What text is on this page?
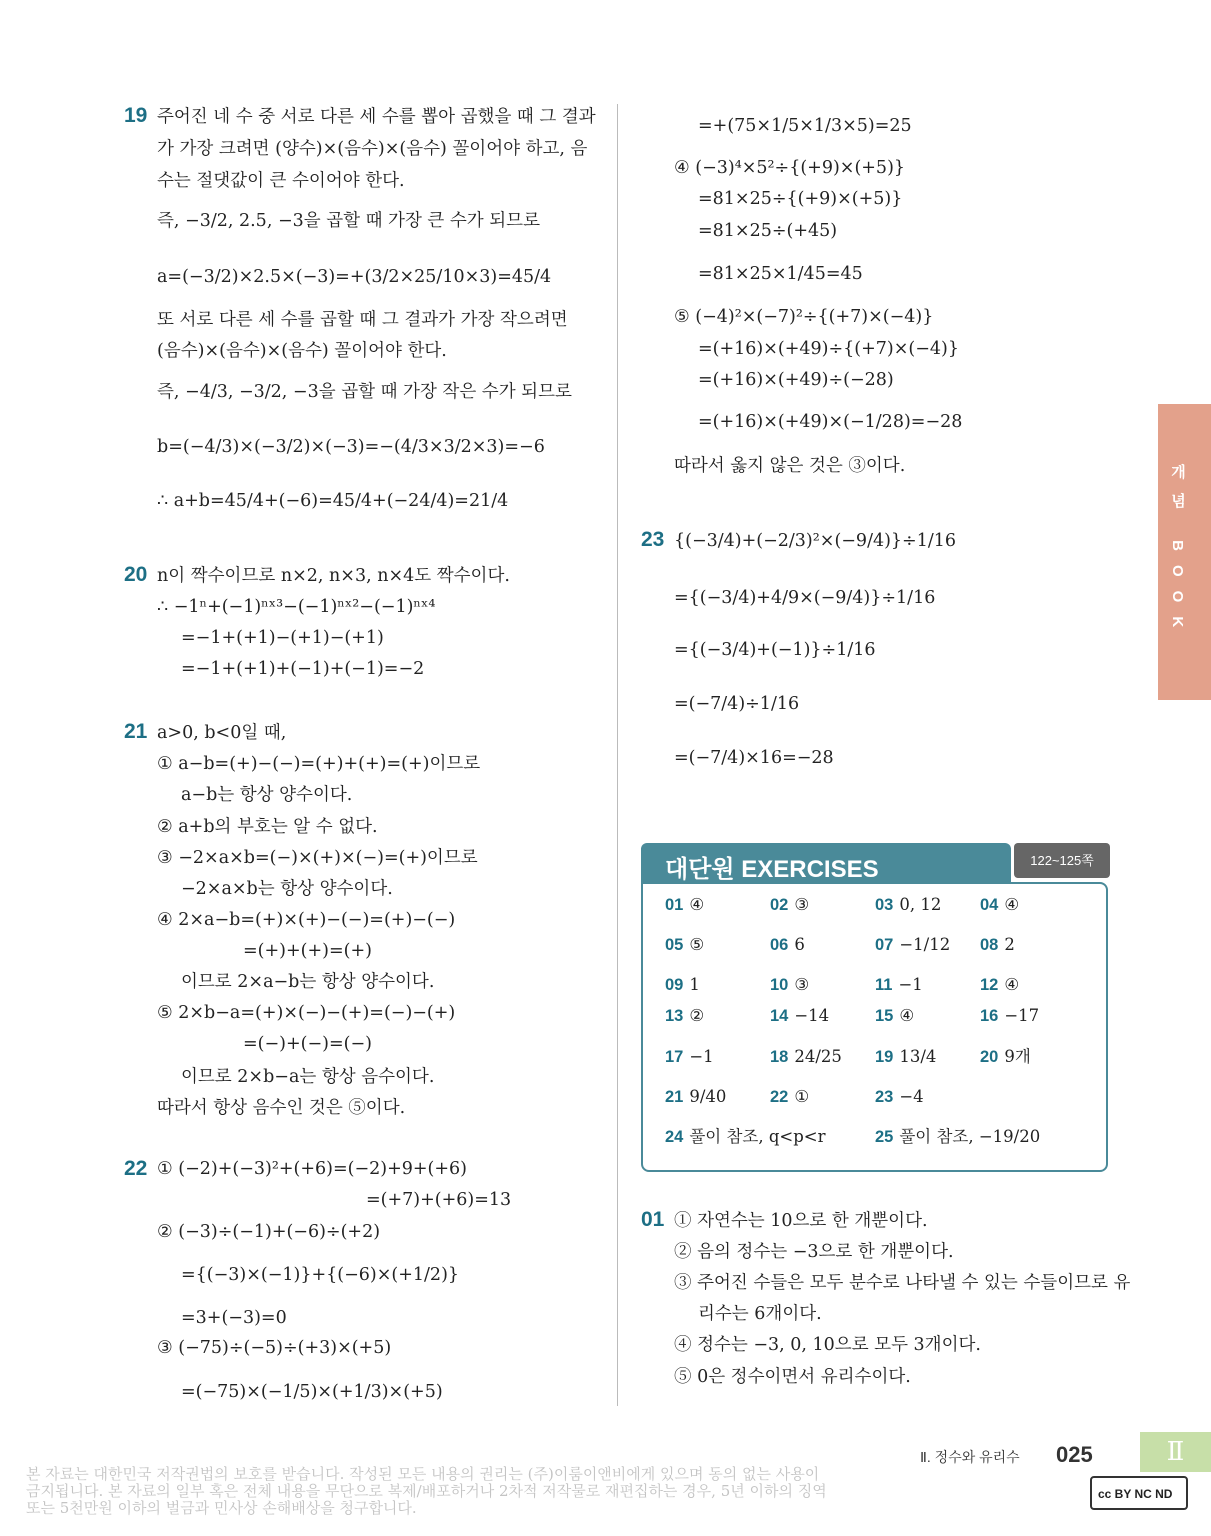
19 주어진 네 수 중 서로 다른 세 수를 뽑아 곱했을 때 그 결과
가 가장 크려면 (양수)×(음수)×(음수) 꼴이어야 하고, 음
수는 절댓값이 큰 수이어야 한다.
즉, −3/2, 2.5, −3을 곱할 때 가장 큰 수가 되므로
a=(−3/2)×2.5×(−3)=+(3/2×25/10×3)=45/4
또 서로 다른 세 수를 곱할 때 그 결과가 가장 작으려면
(음수)×(음수)×(음수) 꼴이어야 한다.
즉, −4/3, −3/2, −3을 곱할 때 가장 작은 수가 되므로
b=(−4/3)×(−3/2)×(−3)=−(4/3×3/2×3)=−6
∴ a+b=45/4+(−6)=45/4+(−24/4)=21/4
20 n이 짝수이므로 n×2, n×3, n×4도 짝수이다.
∴ −1ⁿ+(−1)ⁿˣ³−(−1)ⁿˣ²−(−1)ⁿˣ⁴
=−1+(+1)−(+1)−(+1)
=−1+(+1)+(−1)+(−1)=−2
21 a>0, b<0일 때,
① a−b=(+)−(−)=(+)+(+)=(+)이므로
a−b는 항상 양수이다.
② a+b의 부호는 알 수 없다.
③ −2×a×b=(−)×(+)×(−)=(+)이므로
−2×a×b는 항상 양수이다.
④ 2×a−b=(+)×(+)−(−)=(+)−(−)
=(+)+(+)=(+)
이므로 2×a−b는 항상 양수이다.
⑤ 2×b−a=(+)×(−)−(+)=(−)−(+)
=(−)+(−)=(−)
이므로 2×b−a는 항상 음수이다.
따라서 항상 음수인 것은 ⑤이다.
22 ① (−2)+(−3)²+(+6)=(−2)+9+(+6)
=(+7)+(+6)=13
② (−3)÷(−1)+(−6)÷(+2)
={(−3)×(−1)}+{(−6)×(+1/2)}
=3+(−3)=0
③ (−75)÷(−5)÷(+3)×(+5)
=(−75)×(−1/5)×(+1/3)×(+5)
=+(75×1/5×1/3×5)=25
④ (−3)⁴×5²÷{(+9)×(+5)}
=81×25÷{(+9)×(+5)}
=81×25÷(+45)
=81×25×1/45=45
⑤ (−4)²×(−7)²÷{(+7)×(−4)}
=(+16)×(+49)÷{(+7)×(−4)}
=(+16)×(+49)÷(−28)
=(+16)×(+49)×(−1/28)=−28
따라서 옳지 않은 것은 ③이다.
23 {(−3/4)+(−2/3)²×(−9/4)}÷1/16
={(−3/4)+4/9×(−9/4)}÷1/16
={(−3/4)+(−1)}÷1/16
=(−7/4)÷1/16
=(−7/4)×16=−28
대단원 EXERCISES	122~125쪽
01 ④	02 ③	03 0, 12 04 ④
05 ⑤	06 6	07 −1/12 08 2
09 1	10 ③	11 −1	12 ④
13 ②	14 −14	15 ④	16 −17
17 −1	18 24/25 19 13/4	20 9개
21 9/40	22 ①	23 −4
24 풀이 참조, q<p<r	25 풀이 참조, −19/20
01 ① 자연수는 10으로 한 개뿐이다.
② 음의 정수는 −3으로 한 개뿐이다.
③ 주어진 수들은 모두 분수로 나타낼 수 있는 수들이므로 유
리수는 6개이다.
④ 정수는 −3, 0, 10으로 모두 3개이다.
⑤ 0은 정수이면서 유리수이다.
개념 BOOK
Ⅱ. 정수와 유리수 025	Ⅱ
본 자료는 대한민국 저작권법의 보호를 받습니다. 작성된 모든 내용의 권리는 (주)이룸이앤비에게 있으며 동의 없는 사용이
금지됩니다. 본 자료의 일부 혹은 전체 내용을 무단으로 복제/배포하거나 2차적 저작물로 재편집하는 경우, 5년 이하의 징역
또는 5천만원 이하의 벌금과 민사상 손해배상을 청구합니다.
cc BY NC ND
